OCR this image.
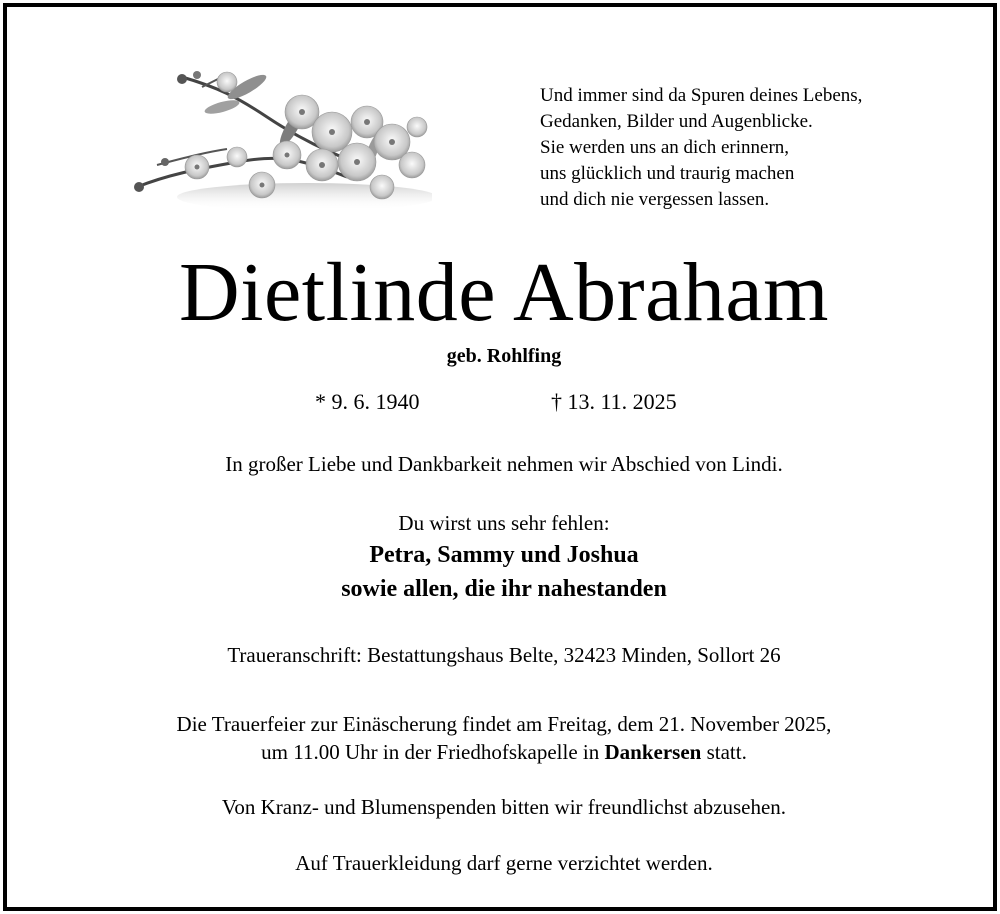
Und immer sind da Spuren deines Lebens,
Gedanken, Bilder und Augenblicke.
Sie werden uns an dich erinnern,
uns glücklich und traurig machen
und dich nie vergessen lassen.
Dietlinde Abraham
geb. Rohlfing
* 9. 6. 1940	† 13. 11. 2025
In großer Liebe und Dankbarkeit nehmen wir Abschied von Lindi.
Du wirst uns sehr fehlen:
Petra, Sammy und Joshua
sowie allen, die ihr nahestanden
Traueranschrift: Bestattungshaus Belte, 32423 Minden, Sollort 26
Die Trauerfeier zur Einäscherung findet am Freitag, dem 21. November 2025,
um 11.00 Uhr in der Friedhofskapelle in Dankersen statt.
Von Kranz- und Blumenspenden bitten wir freundlichst abzusehen.
Auf Trauerkleidung darf gerne verzichtet werden.
